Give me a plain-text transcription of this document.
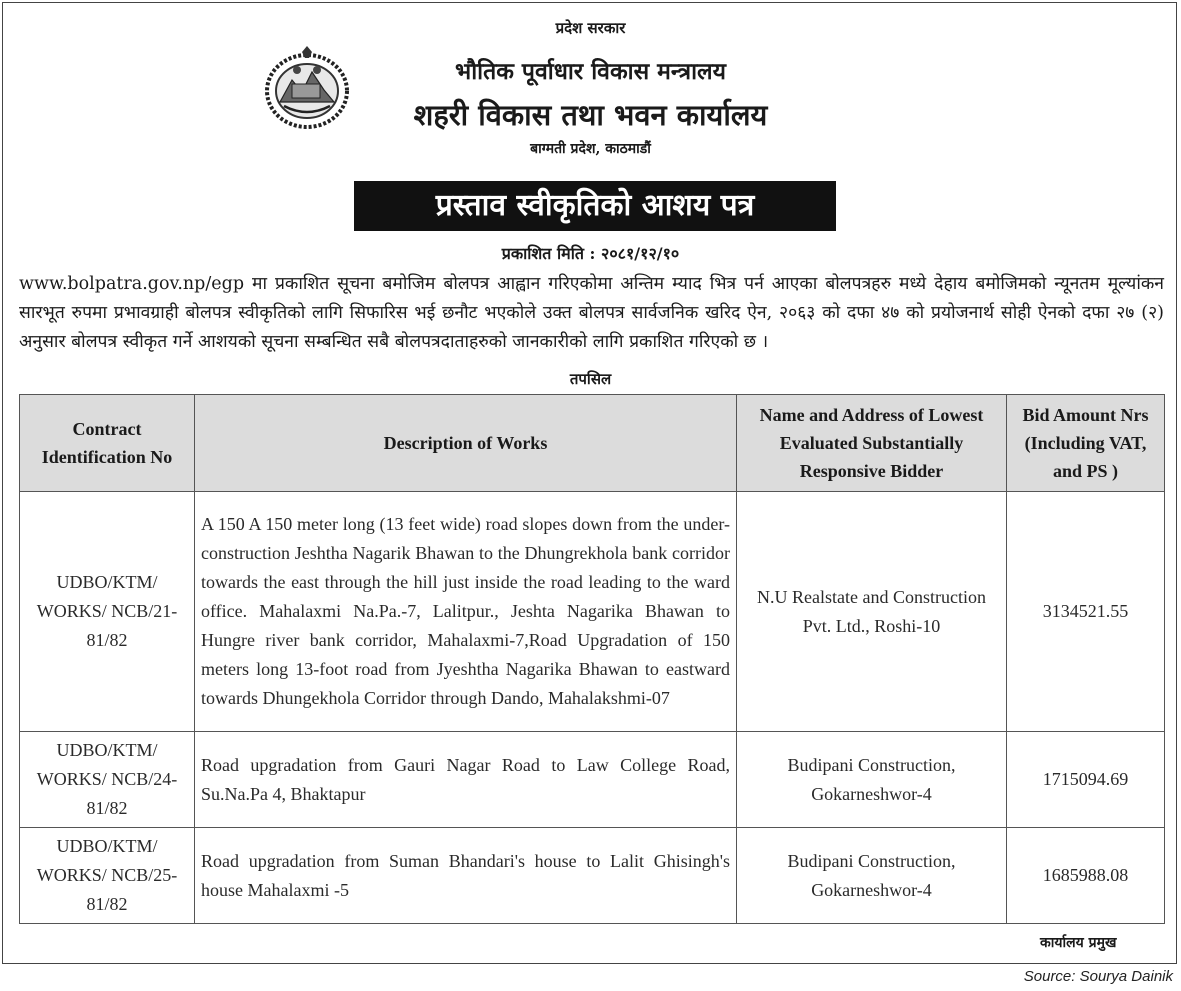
प्रदेश सरकार
भौतिक पूर्वाधार विकास मन्त्रालय
शहरी विकास तथा भवन कार्यालय
बाग्मती प्रदेश, काठमाडौं
प्रस्ताव स्वीकृतिको आशय पत्र
प्रकाशित मिति : २०८१/१२/१०

www.bolpatra.gov.np/egp मा प्रकाशित सूचना बमोजिम बोलपत्र आह्वान गरिएकोमा अन्तिम म्याद भित्र पर्न आएका बोलपत्रहरु मध्ये देहाय बमोजिमको न्यूनतम मूल्यांकन सारभूत रुपमा प्रभावग्राही बोलपत्र स्वीकृतिको लागि सिफारिस भई छनौट भएकोले उक्त बोलपत्र सार्वजनिक खरिद ऐन, २०६३ को दफा ४७ को प्रयोजनार्थ सोही ऐनको दफा २७ (२) अनुसार बोलपत्र स्वीकृत गर्ने आशयको सूचना सम्बन्धित सबै बोलपत्रदाताहरुको जानकारीको लागि प्रकाशित गरिएको छ ।

तपसिल
Contract Identification No	Description of Works	Name and Address of Lowest Evaluated Substantially Responsive Bidder	Bid Amount Nrs (Including VAT, and PS )
UDBO/KTM/ WORKS/ NCB/21-81/82	A 150 A 150 meter long (13 feet wide) road slopes down from the under-construction Jeshtha Nagarik Bhawan to the Dhungrekhola bank corridor towards the east through the hill just inside the road leading to the ward office. Mahalaxmi Na.Pa.-7, Lalitpur., Jeshta Nagarika Bhawan to Hungre river bank corridor, Mahalaxmi-7,Road Upgradation of 150 meters long 13-foot road from Jyeshtha Nagarika Bhawan to eastward towards Dhungekhola Corridor through Dando, Mahalakshmi-07	N.U Realstate and Construction Pvt. Ltd., Roshi-10	3134521.55
UDBO/KTM/ WORKS/ NCB/24-81/82	Road upgradation from Gauri Nagar Road to Law College Road, Su.Na.Pa 4, Bhaktapur	Budipani Construction, Gokarneshwor-4	1715094.69
UDBO/KTM/ WORKS/ NCB/25-81/82	Road upgradation from Suman Bhandari's house to Lalit Ghisingh's house Mahalaxmi -5	Budipani Construction, Gokarneshwor-4	1685988.08
कार्यालय प्रमुख
Source: Sourya Dainik
